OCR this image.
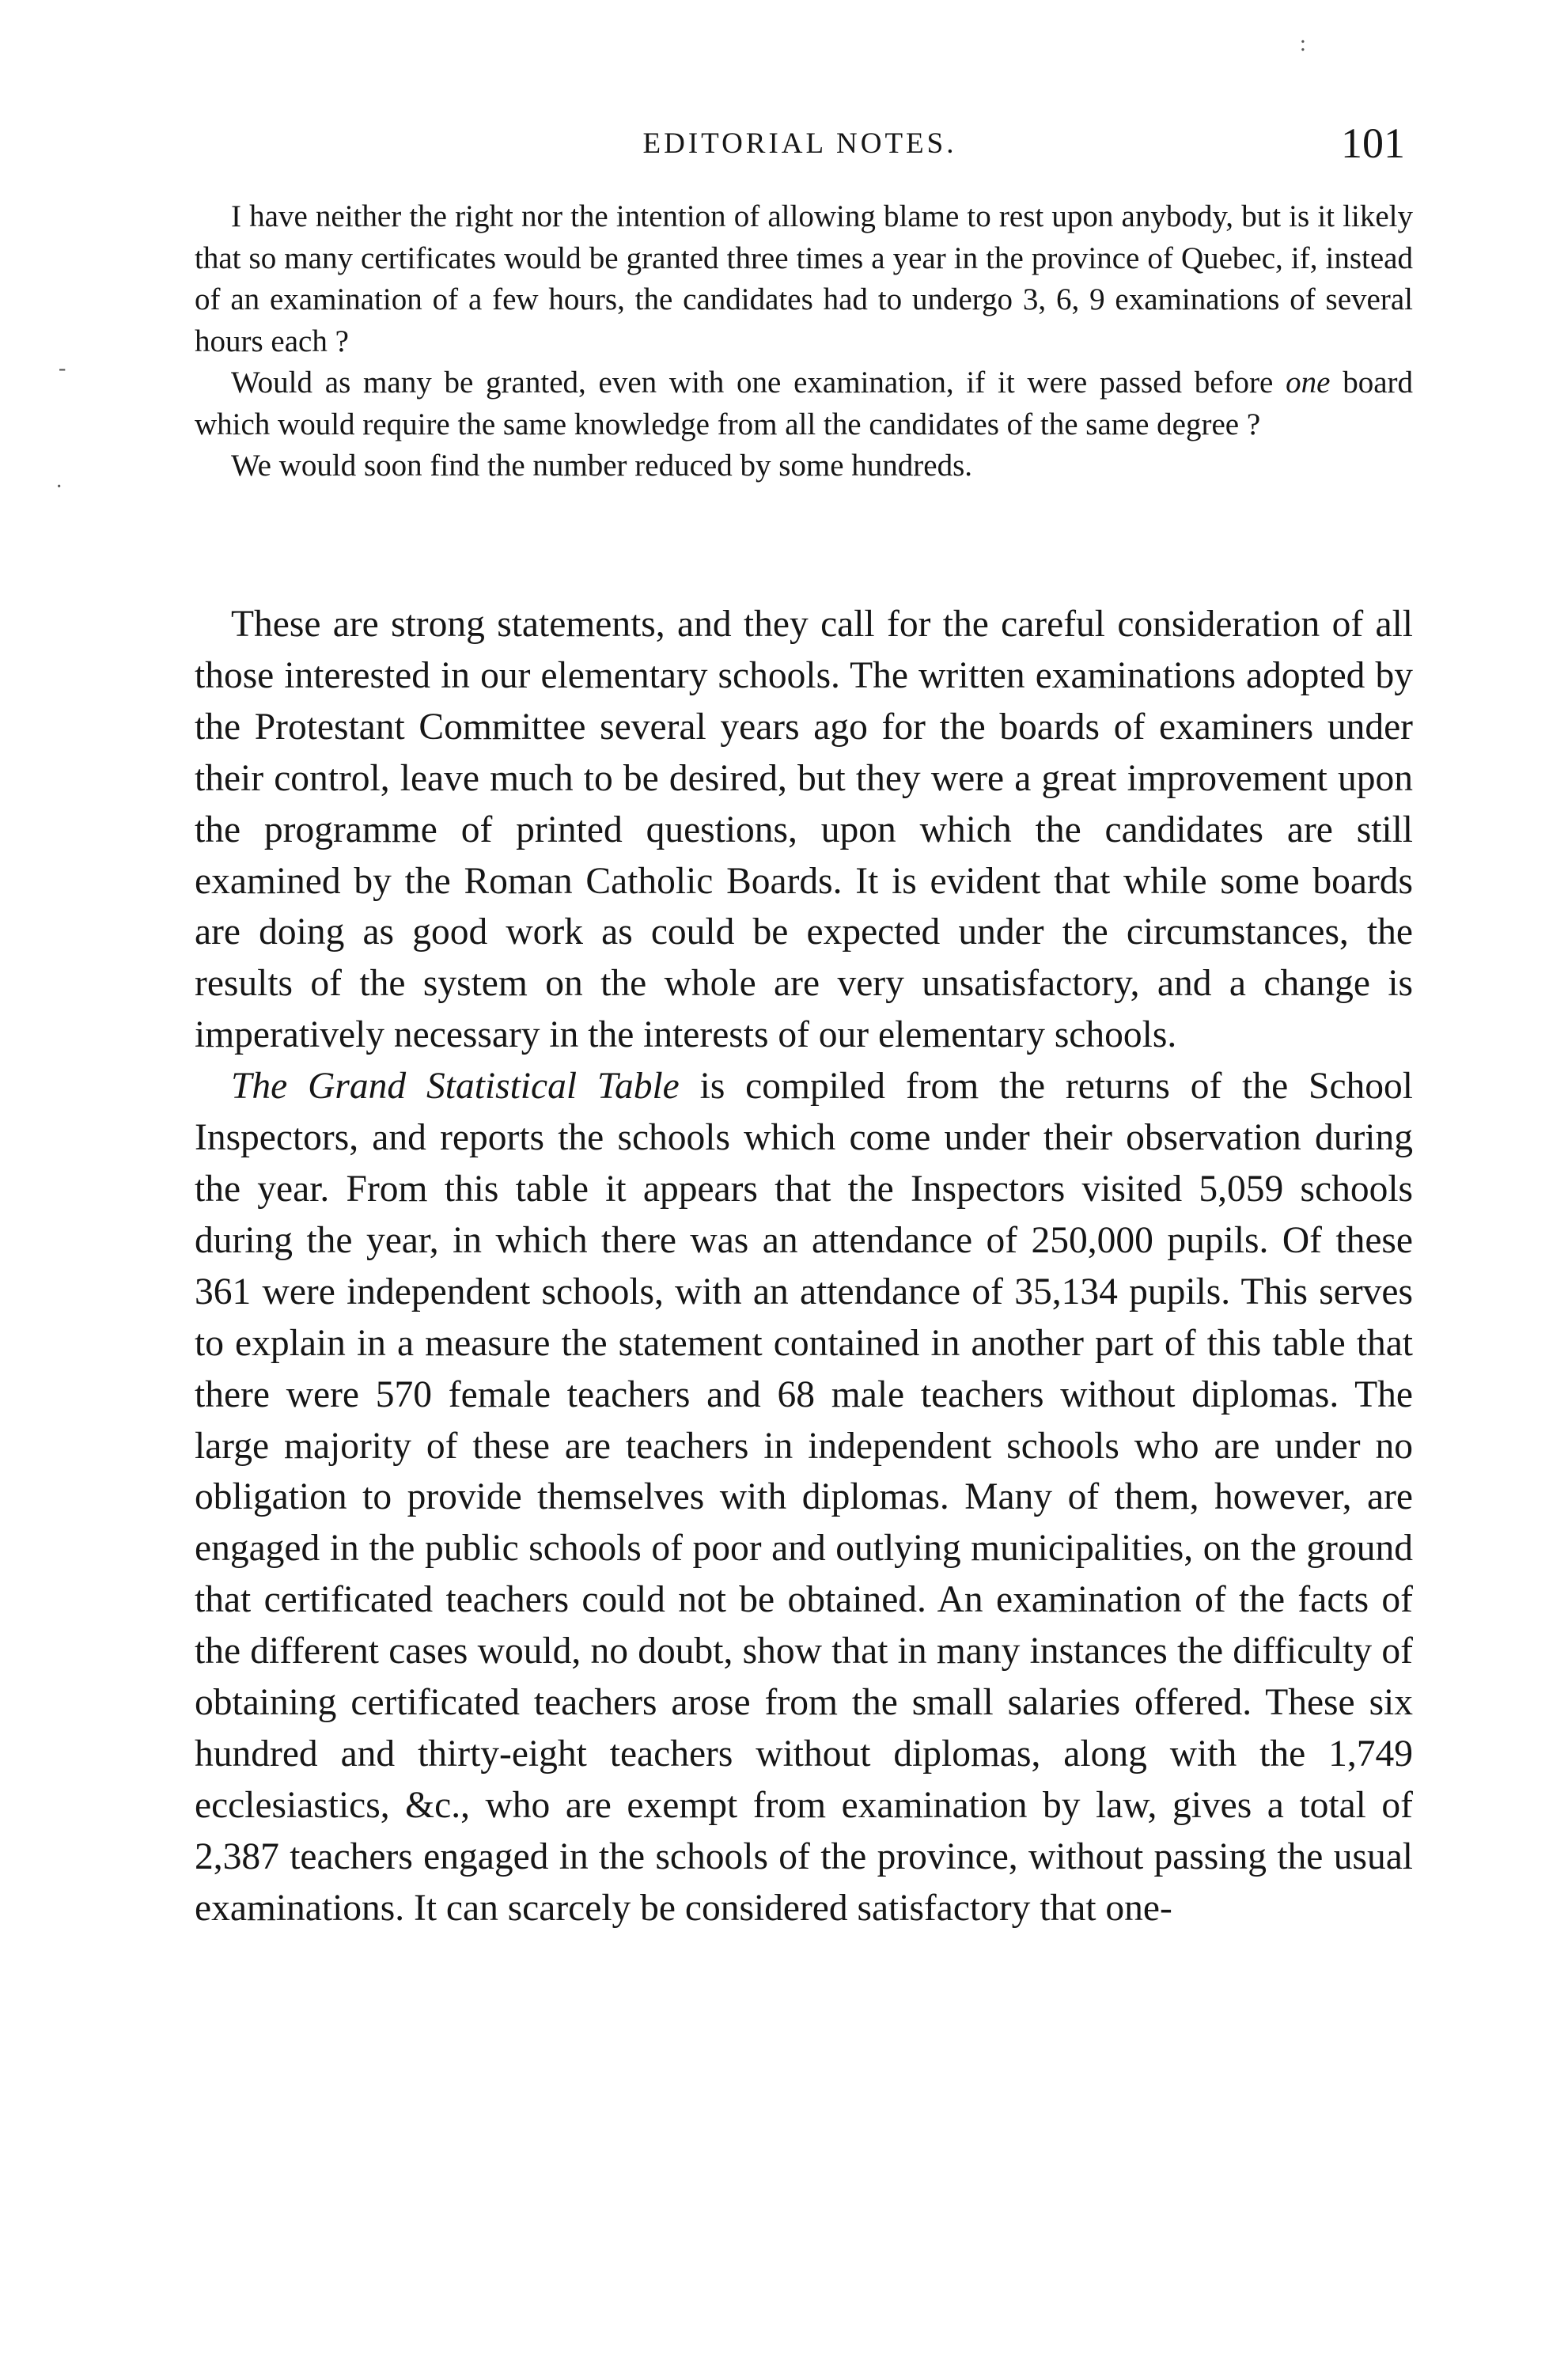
:
-
·
EDITORIAL NOTES.	101

I have neither the right nor the intention of allowing blame to rest upon anybody, but is it likely that so many certificates would be granted three times a year in the province of Quebec, if, instead of an examination of a few hours, the candidates had to undergo 3, 6, 9 examinations of several hours each ?

Would as many be granted, even with one examination, if it were passed before one board which would require the same knowledge from all the candidates of the same degree ?

We would soon find the number reduced by some hundreds.

These are strong statements, and they call for the careful consideration of all those interested in our elementary schools. The written examinations adopted by the Protestant Committee several years ago for the boards of examiners under their control, leave much to be desired, but they were a great improvement upon the programme of printed questions, upon which the candidates are still examined by the Roman Catholic Boards. It is evident that while some boards are doing as good work as could be expected under the circumstances, the results of the system on the whole are very unsatisfactory, and a change is imperatively necessary in the interests of our elementary schools.

The Grand Statistical Table is compiled from the returns of the School Inspectors, and reports the schools which come under their observation during the year. From this table it appears that the Inspectors visited 5,059 schools during the year, in which there was an attendance of 250,000 pupils. Of these 361 were independent schools, with an attendance of 35,134 pupils. This serves to explain in a measure the statement contained in another part of this table that there were 570 female teachers and 68 male teachers without diplomas. The large majority of these are teachers in independent schools who are under no obligation to provide themselves with diplomas. Many of them, however, are engaged in the public schools of poor and outlying municipalities, on the ground that certificated teachers could not be obtained. An examination of the facts of the different cases would, no doubt, show that in many instances the difficulty of obtaining certificated teachers arose from the small salaries offered. These six hundred and thirty-eight teachers without diplomas, along with the 1,749 ecclesiastics, &c., who are exempt from examination by law, gives a total of 2,387 teachers engaged in the schools of the province, without passing the usual examinations. It can scarcely be considered satisfactory that one-
